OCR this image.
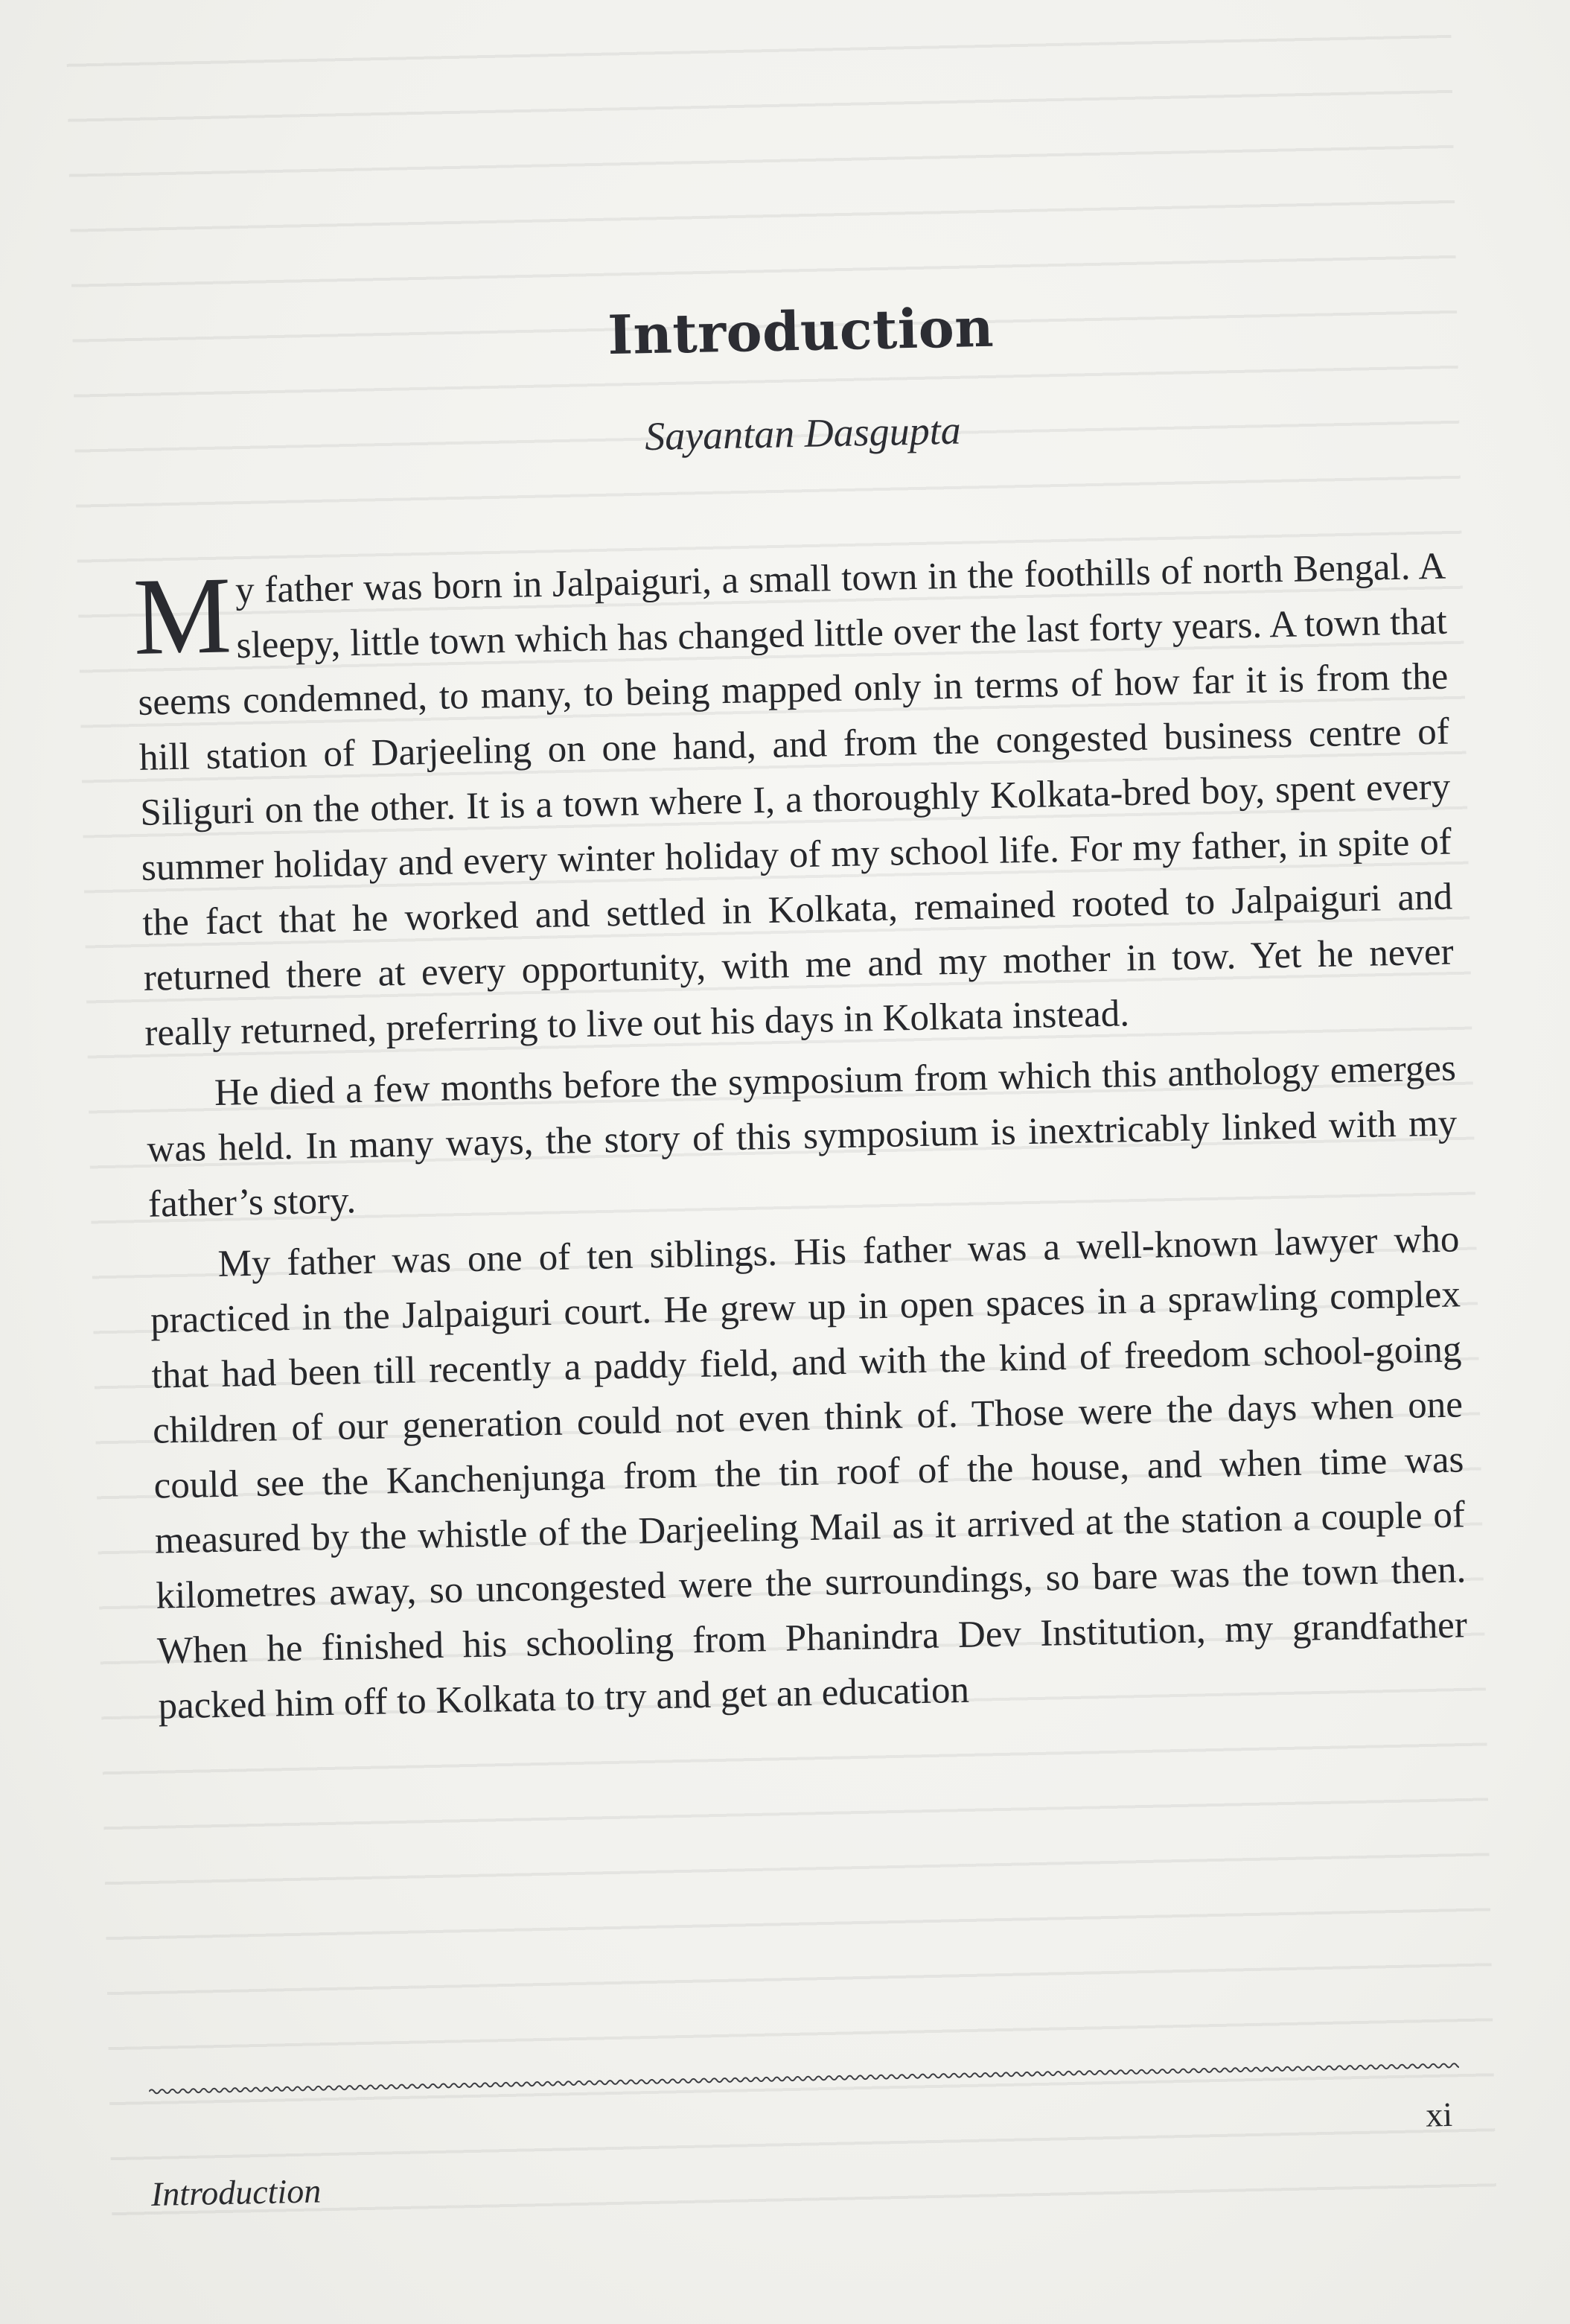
Introduction
Sayantan Dasgupta

My father was born in Jalpaiguri, a small town in the foothills of north Bengal. A sleepy, little town which has changed little over the last forty years. A town that seems condemned, to many, to being mapped only in terms of how far it is from the hill station of Darjeeling on one hand, and from the congested business centre of Siliguri on the other. It is a town where I, a thoroughly Kolkata-bred boy, spent every summer holiday and every winter holiday of my school life. For my father, in spite of the fact that he worked and settled in Kolkata, remained rooted to Jalpaiguri and returned there at every opportunity, with me and my mother in tow. Yet he never really returned, preferring to live out his days in Kolkata instead.

He died a few months before the symposium from which this anthology emerges was held. In many ways, the story of this symposium is inextricably linked with my father’s story.

My father was one of ten siblings. His father was a well-known lawyer who practiced in the Jalpaiguri court. He grew up in open spaces in a sprawling complex that had been till recently a paddy field, and with the kind of freedom school-going children of our generation could not even think of. Those were the days when one could see the Kanchenjunga from the tin roof of the house, and when time was measured by the whistle of the Darjeeling Mail as it arrived at the station a couple of kilometres away, so uncongested were the surroundings, so bare was the town then. When he finished his schooling from Phanindra Dev Institution, my grandfather packed him off to Kolkata to try and get an education

xi
Introduction
